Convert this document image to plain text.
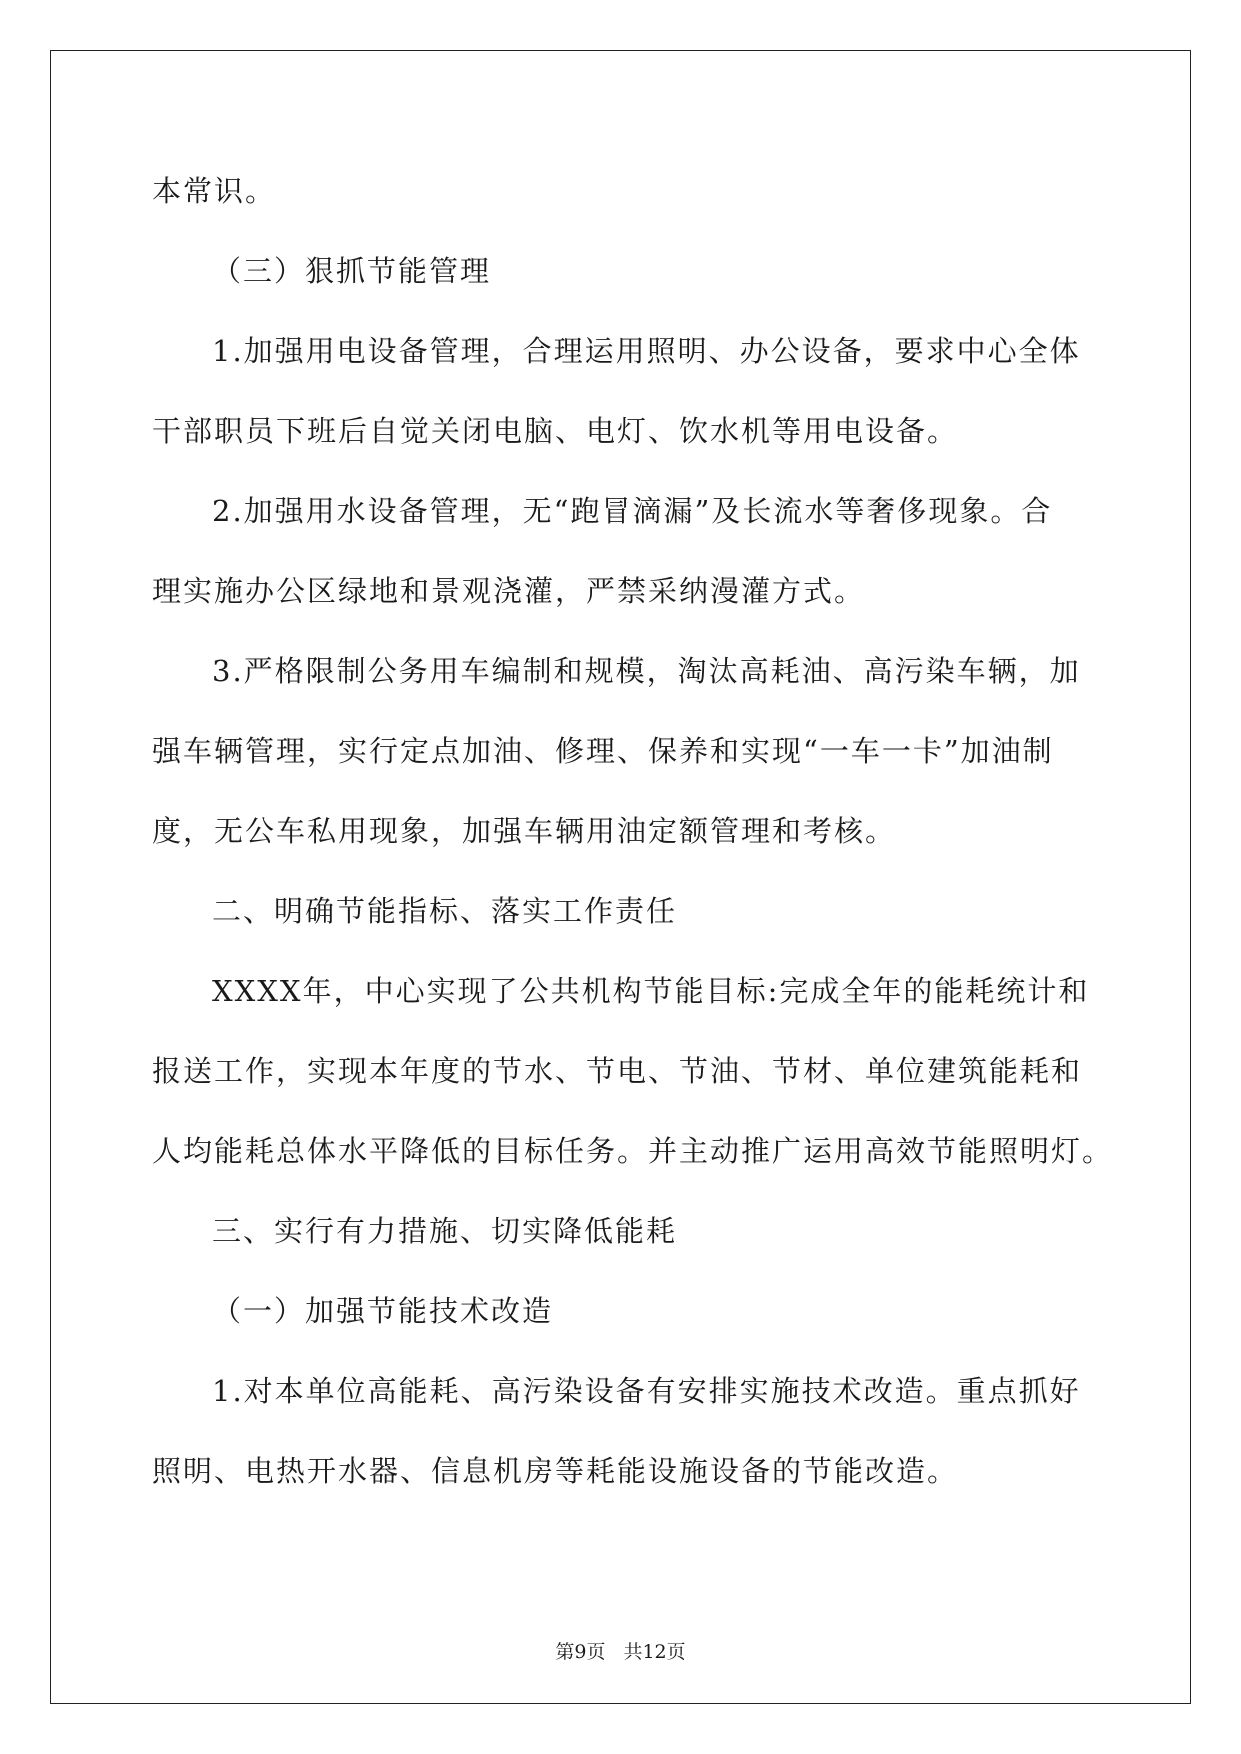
本常识。
（三）狠抓节能管理
1.加强用电设备管理，合理运用照明、办公设备，要求中心全体
干部职员下班后自觉关闭电脑、电灯、饮水机等用电设备。
2.加强用水设备管理，无“跑冒滴漏”及长流水等奢侈现象。合
理实施办公区绿地和景观浇灌，严禁采纳漫灌方式。
3.严格限制公务用车编制和规模，淘汰高耗油、高污染车辆，加
强车辆管理，实行定点加油、修理、保养和实现“一车一卡”加油制
度，无公车私用现象，加强车辆用油定额管理和考核。
二、明确节能指标、落实工作责任
XXXX年，中心实现了公共机构节能目标:完成全年的能耗统计和
报送工作，实现本年度的节水、节电、节油、节材、单位建筑能耗和
人均能耗总体水平降低的目标任务。并主动推广运用高效节能照明灯。
三、实行有力措施、切实降低能耗
（一）加强节能技术改造
1.对本单位高能耗、高污染设备有安排实施技术改造。重点抓好
照明、电热开水器、信息机房等耗能设施设备的节能改造。
第9页 共12页
